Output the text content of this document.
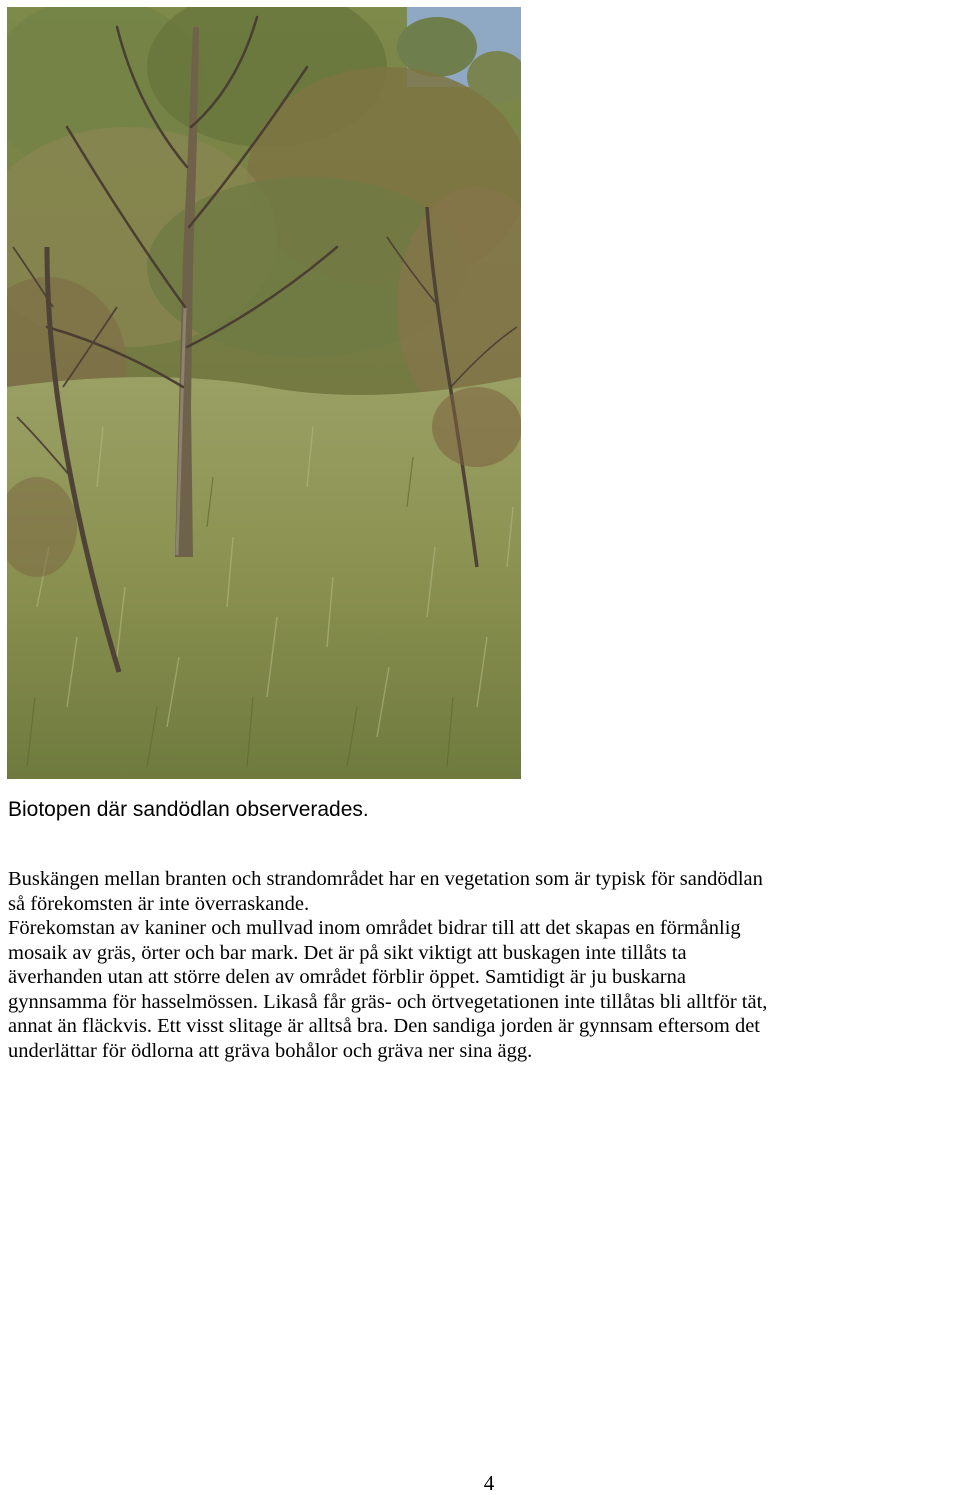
Biotopen där sandödlan observerades.

Buskängen mellan branten och strandområdet har en vegetation som är typisk för sandödlan
så förekomsten är inte överraskande.

Förekomstan av kaniner och mullvad inom området bidrar till att det skapas en förmånlig
mosaik av gräs, örter och bar mark. Det är på sikt viktigt att buskagen inte tillåts ta
äverhanden utan att större delen av området förblir öppet. Samtidigt är ju buskarna
gynnsamma för hasselmössen. Likaså får gräs- och örtvegetationen inte tillåtas bli alltför tät,
annat än fläckvis. Ett visst slitage är alltså bra. Den sandiga jorden är gynnsam eftersom det
underlättar för ödlorna att gräva bohålor och gräva ner sina ägg.

4
